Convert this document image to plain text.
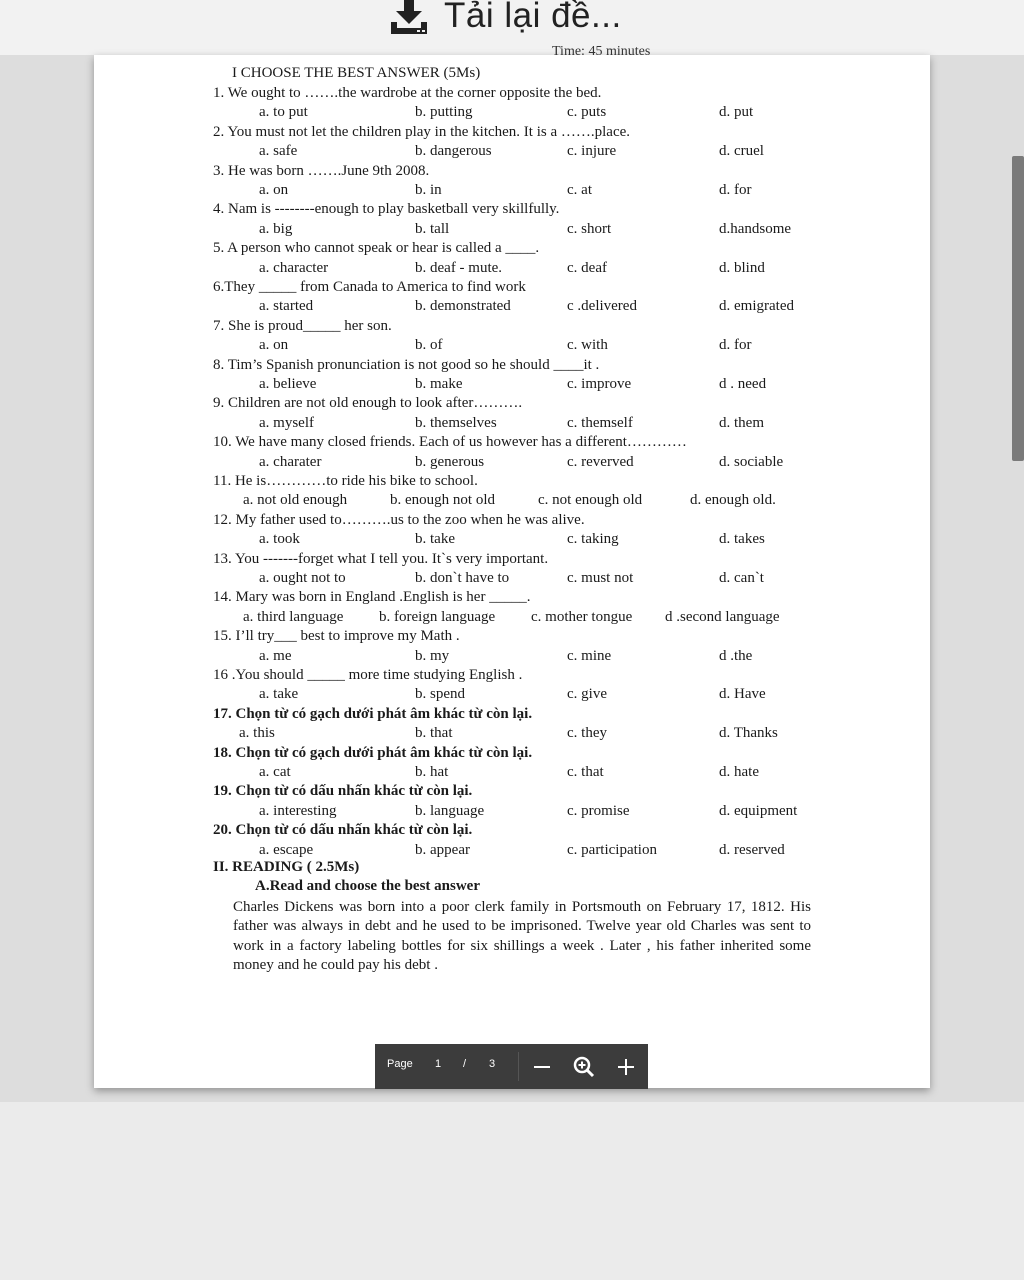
Tải lại đề...
Time: 45 minutes
I CHOOSE THE BEST ANSWER (5Ms)
1. We ought to …….the wardrobe at the corner opposite the bed.
a. to put	b. putting	c. puts	d. put
2. You must not let the children play in the kitchen. It is a …….place.
a. safe	b. dangerous	c. injure	d. cruel
3. He was born …….June 9th 2008.
a. on	b. in	c. at	d. for
4. Nam is --------enough to play basketball very skillfully.
a. big	b. tall	c. short	d.handsome
5. A person who cannot speak or hear is called a ____.
a. character	b. deaf - mute.	c. deaf	d. blind
6.They _____ from Canada to America to find work
a. started	b. demonstrated	c .delivered	d. emigrated
7. She is proud_____ her son.
a. on	b. of	c. with	d. for
8. Tim’s Spanish pronunciation is not good so he should ____it .
a. believe	b. make	c. improve	d . need
9. Children are not old enough to look after……….
a. myself	b. themselves	c. themself	d. them
10. We have many closed friends. Each of us however has a different…………
a. charater	b. generous	c. reverved	d. sociable
11. He is…………to ride his bike to school.
a. not old enough	b. enough not old	c. not enough old	d. enough old.
12. My father used to……….us to the zoo when he was alive.
a. took	b. take	c. taking	d. takes
13. You -------forget what I tell you. It`s very important.
a. ought not to	b. don`t have to	c. must not	d. can`t
14. Mary was born in England .English is her _____.
a. third language b. foreign language c. mother tongue d .second language
15. I’ll try___ best to improve my Math .
a. me	b. my	c. mine	d .the
16 .You should _____ more time studying English .
a. take	b. spend	c. give	d. Have
17. Chọn từ có gạch dưới phát âm khác từ còn lại.
a. this	b. that	c. they	d. Thanks
18. Chọn từ có gạch dưới phát âm khác từ còn lại.
a. cat	b. hat	c. that	d. hate
19. Chọn từ có dấu nhấn khác từ còn lại.
a. interesting	b. language	c. promise	d. equipment
20. Chọn từ có dấu nhấn khác từ còn lại.
a. escape	b. appear	c. participation	d. reserved
II. READING ( 2.5Ms)
A.Read and choose the best answer
Charles Dickens was born into a poor clerk family in Portsmouth on February 17, 1812. His father was always in debt and he used to be imprisoned. Twelve year old Charles was sent to work in a factory labeling bottles for six shillings a week . Later , his father inherited some money and he could pay his debt .
Page 1 / 3
